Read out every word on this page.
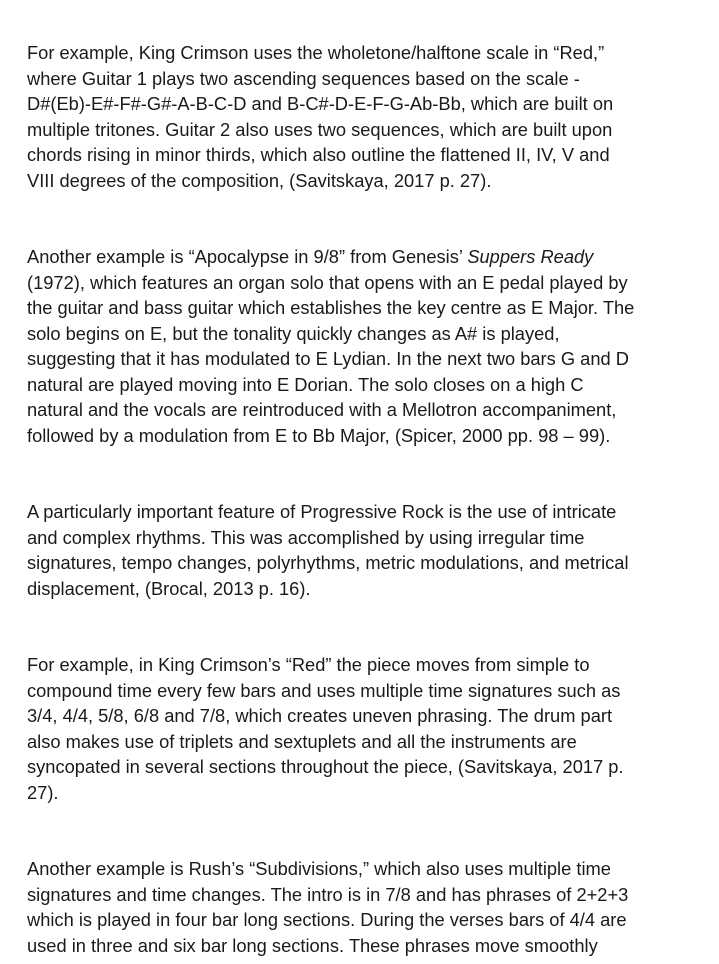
For example, King Crimson uses the wholetone/halftone scale in “Red,”
where Guitar 1 plays two ascending sequences based on the scale -
D#(Eb)-E#-F#-G#-A-B-C-D and B-C#-D-E-F-G-Ab-Bb, which are built on
multiple tritones. Guitar 2 also uses two sequences, which are built upon
chords rising in minor thirds, which also outline the flattened II, IV, V and
VIII degrees of the composition, (Savitskaya, 2017 p. 27).

Another example is “Apocalypse in 9/8” from Genesis’ Suppers Ready
(1972), which features an organ solo that opens with an E pedal played by
the guitar and bass guitar which establishes the key centre as E Major. The
solo begins on E, but the tonality quickly changes as A# is played,
suggesting that it has modulated to E Lydian. In the next two bars G and D
natural are played moving into E Dorian. The solo closes on a high C
natural and the vocals are reintroduced with a Mellotron accompaniment,
followed by a modulation from E to Bb Major, (Spicer, 2000 pp. 98 – 99).

A particularly important feature of Progressive Rock is the use of intricate
and complex rhythms. This was accomplished by using irregular time
signatures, tempo changes, polyrhythms, metric modulations, and metrical
displacement, (Brocal, 2013 p. 16).

For example, in King Crimson’s “Red” the piece moves from simple to
compound time every few bars and uses multiple time signatures such as
3/4, 4/4, 5/8, 6/8 and 7/8, which creates uneven phrasing. The drum part
also makes use of triplets and sextuplets and all the instruments are
syncopated in several sections throughout the piece, (Savitskaya, 2017 p.
27).

Another example is Rush’s “Subdivisions,” which also uses multiple time
signatures and time changes. The intro is in 7/8 and has phrases of 2+2+3
which is played in four bar long sections. During the verses bars of 4/4 are
used in three and six bar long sections. These phrases move smoothly
